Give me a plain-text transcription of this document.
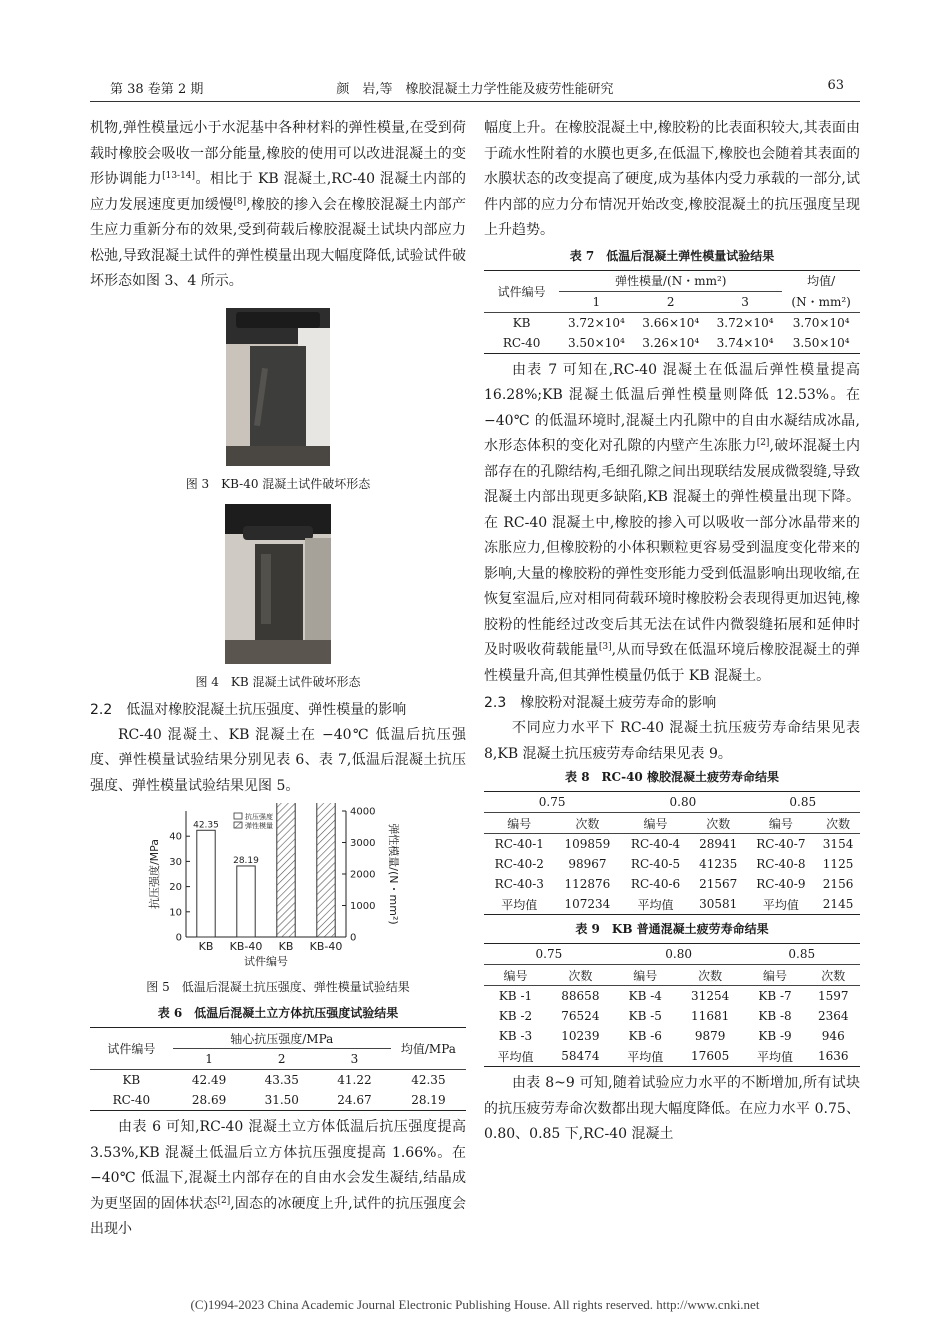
第 38 卷第 2 期	颜　岩,等　橡胶混凝土力学性能及疲劳性能研究	63

机物,弹性模量远小于水泥基中各种材料的弹性模量,在受到荷载时橡胶会吸收一部分能量,橡胶的使用可以改进混凝土的变形协调能力[13-14]。相比于 KB 混凝土,RC-40 混凝土内部的应力发展速度更加缓慢[8],橡胶的掺入会在橡胶混凝土内部产生应力重新分布的效果,受到荷载后橡胶混凝土试块内部应力松弛,导致混凝土试件的弹性模量出现大幅度降低,试验试件破坏形态如图 3、4 所示。

图 3　KB-40 混凝土试件破坏形态
图 4　KB 混凝土试件破坏形态
2.2　低温对橡胶混凝土抗压强度、弹性模量的影响

RC-40 混凝土、KB 混凝土在 −40℃ 低温后抗压强度、弹性模量试验结果分别见表 6、表 7,低温后混凝土抗压强度、弹性模量试验结果见图 5。

0
10
20
30
40
0
1000
2000
3000
4000
KB
42.35
KB-40
28.19
KB KB-40
抗压强度
弹性模量
抗压强度/MPa	弹性模量/(N・mm²)
试件编号
图 5　低温后混凝土抗压强度、弹性模量试验结果
表 6　低温后混凝土立方体抗压强度试验结果
试件编号	轴心抗压强度/MPa			均值/MPa
	1	2	3	
KB	42.49	43.35	41.22	42.35
RC-40	28.69	31.50	24.67	28.19

由表 6 可知,RC-40 混凝土立方体低温后抗压强度提高 3.53%,KB 混凝土低温后立方体抗压强度提高 1.66%。在 −40℃ 低温下,混凝土内部存在的自由水会发生凝结,结晶成为更坚固的固体状态[2],固态的冰硬度上升,试件的抗压强度会出现小

幅度上升。在橡胶混凝土中,橡胶粉的比表面积较大,其表面由于疏水性附着的水膜也更多,在低温下,橡胶也会随着其表面的水膜状态的改变提高了硬度,成为基体内受力承载的一部分,试件内部的应力分布情况开始改变,橡胶混凝土的抗压强度呈现上升趋势。

表 7　低温后混凝土弹性模量试验结果
试件编号	弹性模量/(N・mm²)			均值/
	1	2	3	(N・mm²)
KB	3.72×10⁴	3.66×10⁴	3.72×10⁴	3.70×10⁴
RC-40	3.50×10⁴	3.26×10⁴	3.74×10⁴	3.50×10⁴

由表 7 可知在,RC-40 混凝土在低温后弹性模量提高 16.28%;KB 混凝土低温后弹性模量则降低 12.53%。在 −40℃ 的低温环境时,混凝土内孔隙中的自由水凝结成冰晶,水形态体积的变化对孔隙的内壁产生冻胀力[2],破坏混凝土内部存在的孔隙结构,毛细孔隙之间出现联结发展成微裂缝,导致混凝土内部出现更多缺陷,KB 混凝土的弹性模量出现下降。在 RC-40 混凝土中,橡胶的掺入可以吸收一部分冰晶带来的冻胀应力,但橡胶粉的小体积颗粒更容易受到温度变化带来的影响,大量的橡胶粉的弹性变形能力受到低温影响出现收缩,在恢复室温后,应对相同荷载环境时橡胶粉会表现得更加迟钝,橡胶粉的性能经过改变后其无法在试件内微裂缝拓展和延伸时及时吸收荷载能量[3],从而导致在低温环境后橡胶混凝土的弹性模量升高,但其弹性模量仍低于 KB 混凝土。

2.3　橡胶粉对混凝土疲劳寿命的影响

不同应力水平下 RC-40 混凝土抗压疲劳寿命结果见表 8,KB 混凝土抗压疲劳寿命结果见表 9。

表 8　RC-40 橡胶混凝土疲劳寿命结果
0.75		0.80		0.85	
编号	次数	编号	次数	编号	次数
RC-40-1	109859	RC-40-4	28941	RC-40-7	3154
RC-40-2	98967	RC-40-5	41235	RC-40-8	1125
RC-40-3	112876	RC-40-6	21567	RC-40-9	2156
平均值	107234	平均值	30581	平均值	2145
表 9　KB 普通混凝土疲劳寿命结果
0.75		0.80		0.85	
编号	次数	编号	次数	编号	次数
KB -1	88658	KB -4	31254	KB -7	1597
KB -2	76524	KB -5	11681	KB -8	2364
KB -3	10239	KB -6	9879	KB -9	946
平均值	58474	平均值	17605	平均值	1636

由表 8~9 可知,随着试验应力水平的不断增加,所有试块的抗压疲劳寿命次数都出现大幅度降低。在应力水平 0.75、0.80、0.85 下,RC-40 混凝土

(C)1994-2023 China Academic Journal Electronic Publishing House. All rights reserved. http://www.cnki.net
